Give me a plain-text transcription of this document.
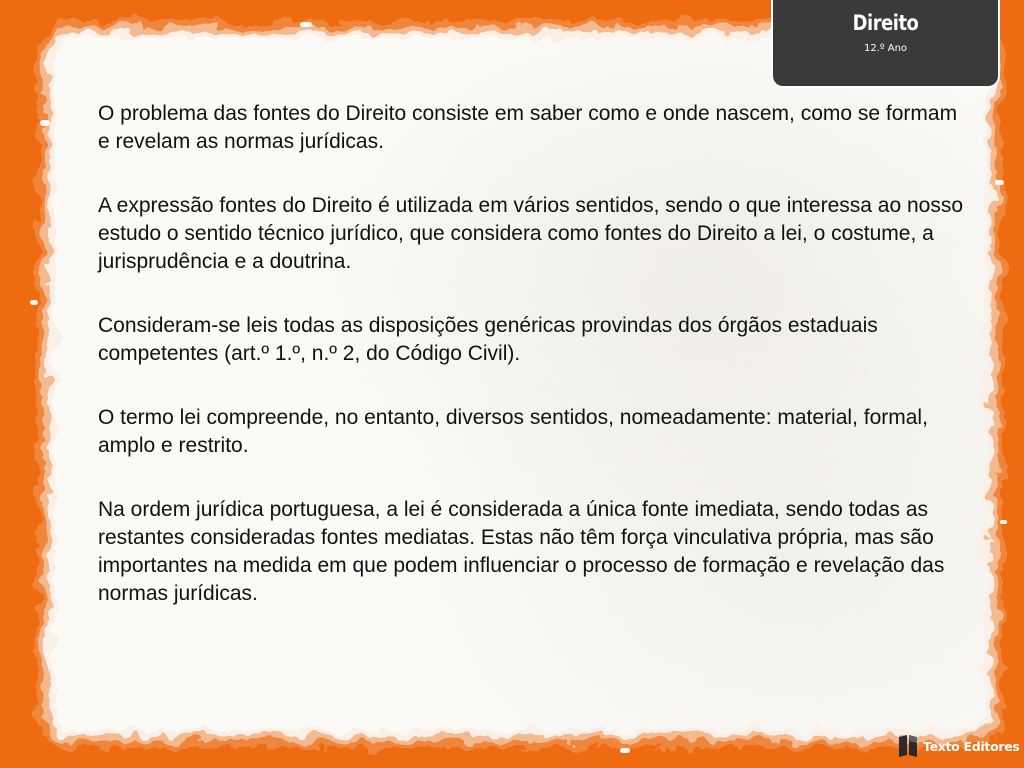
Direito
12.º Ano

O problema das fontes do Direito consiste em saber como e onde nascem, como se formam e revelam as normas jurídicas.

A expressão fontes do Direito é utilizada em vários sentidos, sendo o que interessa ao nosso estudo o sentido técnico jurídico, que considera como fontes do Direito a lei, o costume, a jurisprudência e a doutrina.

Consideram-se leis todas as disposições genéricas provindas dos órgãos estaduais competentes (art.º 1.º, n.º 2, do Código Civil).

O termo lei compreende, no entanto, diversos sentidos, nomeadamente: material, formal, amplo e restrito.

Na ordem jurídica portuguesa, a lei é considerada a única fonte imediata, sendo todas as restantes consideradas fontes mediatas. Estas não têm força vinculativa própria, mas são importantes na medida em que podem influenciar o processo de formação e revelação das normas jurídicas.

Texto Editores
